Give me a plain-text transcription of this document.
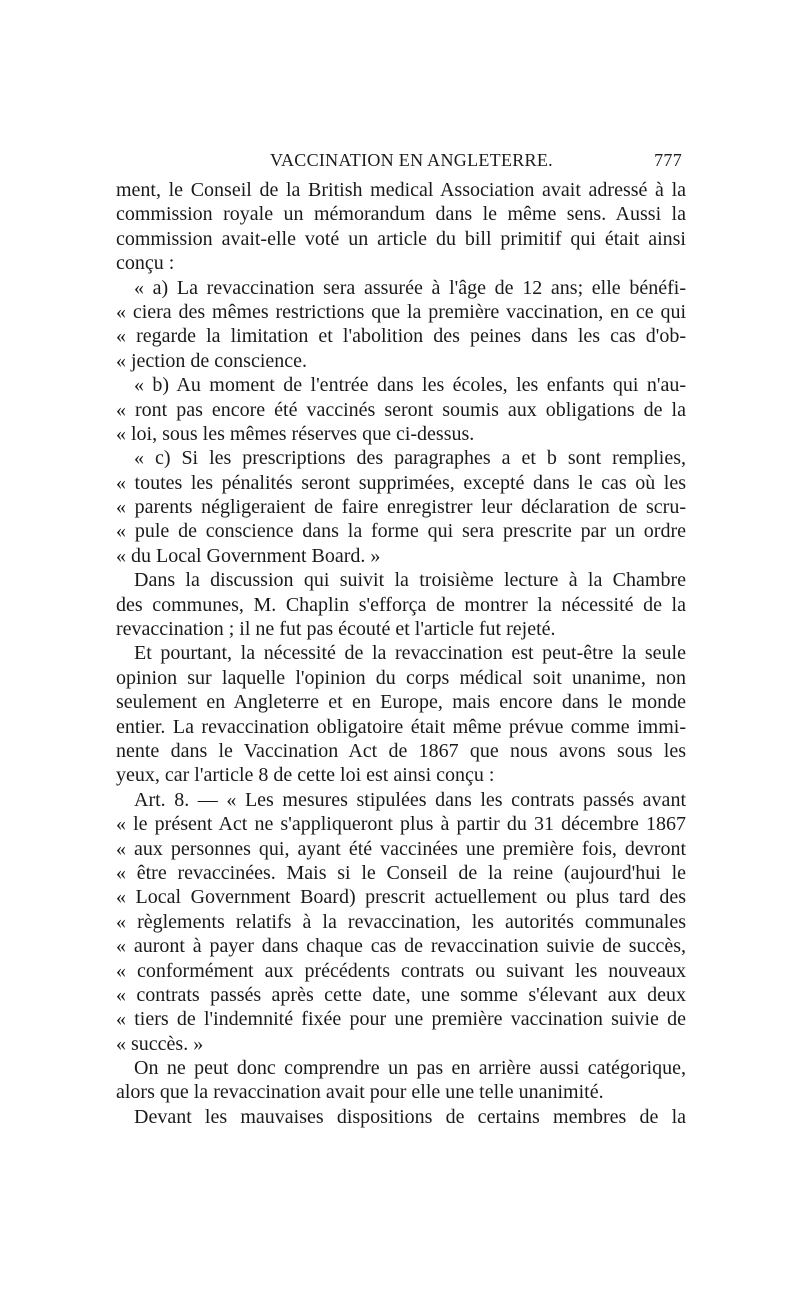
VACCINATION EN ANGLETERRE.	777
ment, le Conseil de la British medical Association avait adressé à la
commission royale un mémorandum dans le même sens. Aussi la
commission avait-elle voté un article du bill primitif qui était ainsi
conçu :
« a) La revaccination sera assurée à l'âge de 12 ans; elle bénéfi-
« ciera des mêmes restrictions que la première vaccination, en ce qui
« regarde la limitation et l'abolition des peines dans les cas d'ob-
« jection de conscience.
« b) Au moment de l'entrée dans les écoles, les enfants qui n'au-
« ront pas encore été vaccinés seront soumis aux obligations de la
« loi, sous les mêmes réserves que ci-dessus.
« c) Si les prescriptions des paragraphes a et b sont remplies,
« toutes les pénalités seront supprimées, excepté dans le cas où les
« parents négligeraient de faire enregistrer leur déclaration de scru-
« pule de conscience dans la forme qui sera prescrite par un ordre
« du Local Government Board. »
Dans la discussion qui suivit la troisième lecture à la Chambre
des communes, M. Chaplin s'efforça de montrer la nécessité de la
revaccination ; il ne fut pas écouté et l'article fut rejeté.
Et pourtant, la nécessité de la revaccination est peut-être la seule
opinion sur laquelle l'opinion du corps médical soit unanime, non
seulement en Angleterre et en Europe, mais encore dans le monde
entier. La revaccination obligatoire était même prévue comme immi-
nente dans le Vaccination Act de 1867 que nous avons sous les
yeux, car l'article 8 de cette loi est ainsi conçu :
Art. 8. — « Les mesures stipulées dans les contrats passés avant
« le présent Act ne s'appliqueront plus à partir du 31 décembre 1867
« aux personnes qui, ayant été vaccinées une première fois, devront
« être revaccinées. Mais si le Conseil de la reine (aujourd'hui le
« Local Government Board) prescrit actuellement ou plus tard des
« règlements relatifs à la revaccination, les autorités communales
« auront à payer dans chaque cas de revaccination suivie de succès,
« conformément aux précédents contrats ou suivant les nouveaux
« contrats passés après cette date, une somme s'élevant aux deux
« tiers de l'indemnité fixée pour une première vaccination suivie de
« succès. »
On ne peut donc comprendre un pas en arrière aussi catégorique,
alors que la revaccination avait pour elle une telle unanimité.
Devant les mauvaises dispositions de certains membres de la
